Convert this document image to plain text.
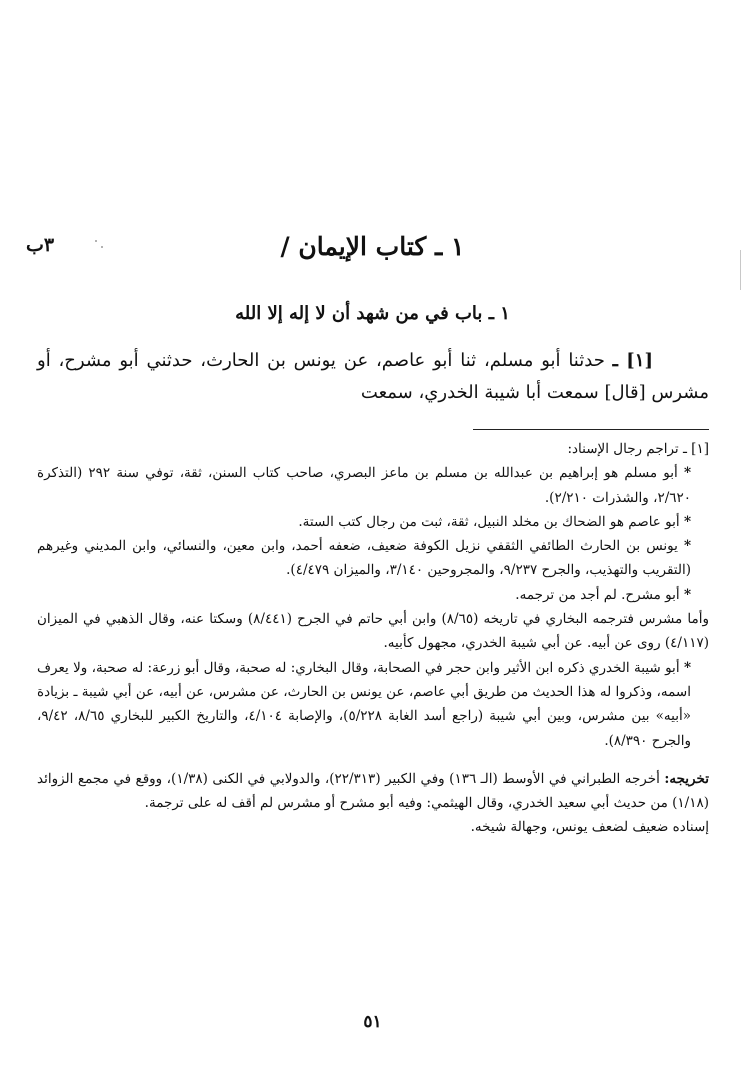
١ ـ كتاب الإيمان /
٣ب
١ ـ باب في من شهد أن لا إله إلا الله
[١] ـ حدثنا أبو مسلم، ثنا أبو عاصم، عن يونس بن الحارث، حدثني أبو مشرح، أو مشرس [قال] سمعت أبا شيبة الخدري، سمعت

[١] ـ تراجم رجال الإسناد:

* أبو مسلم هو إبراهيم بن عبدالله بن مسلم بن ماعز البصري، صاحب كتاب السنن، ثقة، توفي سنة ٢٩٢ (التذكرة ٢/٦٢٠، والشذرات ٢/٢١٠).

* أبو عاصم هو الضحاك بن مخلد النبيل، ثقة، ثبت من رجال كتب الستة.

* يونس بن الحارث الطائفي الثقفي نزيل الكوفة ضعيف، ضعفه أحمد، وابن معين، والنسائي، وابن المديني وغيرهم (التقريب والتهذيب، والجرح ٩/٢٣٧، والمجروحين ٣/١٤٠، والميزان ٤/٤٧٩).

* أبو مشرح. لم أجد من ترجمه.

وأما مشرس فترجمه البخاري في تاريخه (٨/٦٥) وابن أبي حاتم في الجرح (٨/٤٤١) وسكتا عنه، وقال الذهبي في الميزان (٤/١١٧) روى عن أبيه. عن أبي شيبة الخدري، مجهول كأبيه.

* أبو شيبة الخدري ذكره ابن الأثير وابن حجر في الصحابة، وقال البخاري: له صحبة، وقال أبو زرعة: له صحبة، ولا يعرف اسمه، وذكروا له هذا الحديث من طريق أبي عاصم، عن يونس بن الحارث، عن مشرس، عن أبيه، عن أبي شيبة ـ بزيادة «أبيه» بين مشرس، وبين أبي شيبة (راجع أسد الغابة ٥/٢٢٨)، والإصابة ٤/١٠٤، والتاريخ الكبير للبخاري ٨/٦٥، ٩/٤٢، والجرح ٨/٣٩٠).

تخريجه: أخرجه الطبراني في الأوسط (الـ ١٣٦) وفي الكبير (٢٢/٣١٣)، والدولابي في الكنى (١/٣٨)، ووقع في مجمع الزوائد (١/١٨) من حديث أبي سعيد الخدري، وقال الهيثمي: وفيه أبو مشرح أو مشرس لم أقف له على ترجمة.

إسناده ضعيف لضعف يونس، وجهالة شيخه.

٥١
